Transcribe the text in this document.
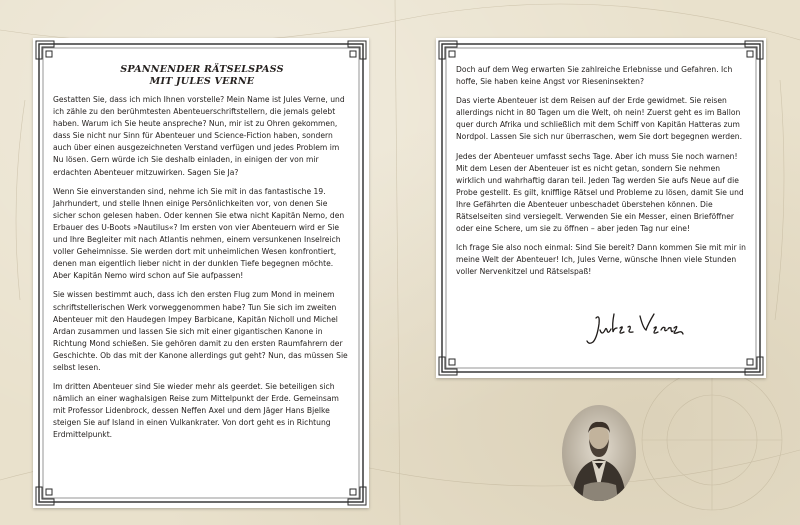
SPANNENDER RÄTSELSPASS
MIT JULES VERNE

Gestatten Sie, dass ich mich Ihnen vorstelle? Mein Name ist Jules Verne, und ich zähle zu den berühmtesten Abenteuerschriftstellern, die jemals gelebt haben. Warum ich Sie heute anspreche? Nun, mir ist zu Ohren gekommen, dass Sie nicht nur Sinn für Abenteuer und Science-Fiction haben, sondern auch über einen ausgezeichneten Verstand verfügen und jedes Problem im Nu lösen. Gern würde ich Sie deshalb einladen, in einigen der von mir erdachten Abenteuer mitzuwirken. Sagen Sie Ja?

Wenn Sie einverstanden sind, nehme ich Sie mit in das fantastische 19. Jahrhundert, und stelle Ihnen einige Persönlichkeiten vor, von denen Sie sicher schon gelesen haben. Oder kennen Sie etwa nicht Kapitän Nemo, den Erbauer des U-Boots »Nautilus«? Im ersten von vier Abenteuern wird er Sie und Ihre Begleiter mit nach Atlantis nehmen, einem versunkenen Inselreich voller Geheimnisse. Sie werden dort mit unheimlichen Wesen konfrontiert, denen man eigentlich lieber nicht in der dunklen Tiefe begegnen möchte. Aber Kapitän Nemo wird schon auf Sie aufpassen!

Sie wissen bestimmt auch, dass ich den ersten Flug zum Mond in meinem schriftstellerischen Werk vorweggenommen habe? Tun Sie sich im zweiten Abenteuer mit den Haudegen Impey Barbicane, Kapitän Nicholl und Michel Ardan zusammen und lassen Sie sich mit einer gigantischen Kanone in Richtung Mond schießen. Sie gehören damit zu den ersten Raumfahrern der Geschichte. Ob das mit der Kanone allerdings gut geht? Nun, das müssen Sie selbst lesen.

Im dritten Abenteuer sind Sie wieder mehr als geerdet. Sie beteiligen sich nämlich an einer waghalsigen Reise zum Mittelpunkt der Erde. Gemeinsam mit Professor Lidenbrock, dessen Neffen Axel und dem Jäger Hans Bjelke steigen Sie auf Island in einen Vulkankrater. Von dort geht es in Richtung Erdmittelpunkt.

Doch auf dem Weg erwarten Sie zahlreiche Erlebnisse und Gefahren. Ich hoffe, Sie haben keine Angst vor Rieseninsekten?

Das vierte Abenteuer ist dem Reisen auf der Erde gewidmet. Sie reisen allerdings nicht in 80 Tagen um die Welt, oh nein! Zuerst geht es im Ballon quer durch Afrika und schließlich mit dem Schiff von Kapitän Hatteras zum Nordpol. Lassen Sie sich nur überraschen, wem Sie dort begegnen werden.

Jedes der Abenteuer umfasst sechs Tage. Aber ich muss Sie noch warnen! Mit dem Lesen der Abenteuer ist es nicht getan, sondern Sie nehmen wirklich und wahrhaftig daran teil. Jeden Tag werden Sie aufs Neue auf die Probe gestellt. Es gilt, knifflige Rätsel und Probleme zu lösen, damit Sie und Ihre Gefährten die Abenteuer unbeschadet überstehen können. Die Rätselseiten sind versiegelt. Verwenden Sie ein Messer, einen Brieföffner oder eine Schere, um sie zu öffnen – aber jeden Tag nur eine!

Ich frage Sie also noch einmal: Sind Sie bereit? Dann kommen Sie mit mir in meine Welt der Abenteuer! Ich, Jules Verne, wünsche Ihnen viele Stunden voller Nervenkitzel und Rätselspaß!
